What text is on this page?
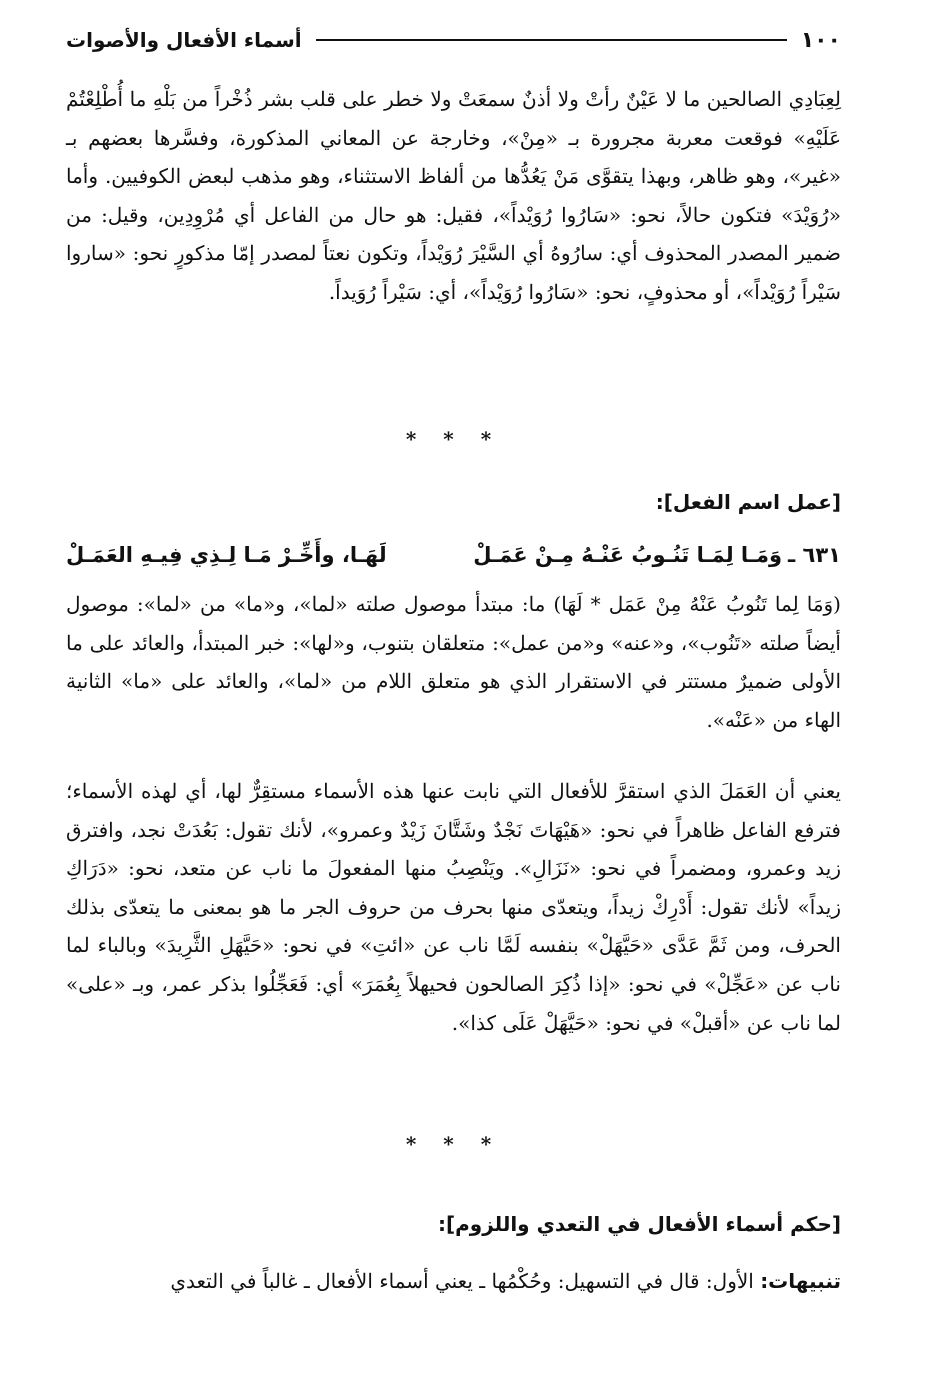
١٠٠
أسماء الأفعال والأصوات

لِعِبَادِي الصالحين ما لا عَيْنٌ رأتْ ولا أذنٌ سمعَتْ ولا خطر على قلب بشر ذُخْراً من بَلْهِ ما أُطْلِعْتُمْ عَلَيْهِ» فوقعت معربة مجرورة بـ «مِنْ»، وخارجة عن المعاني المذكورة، وفسَّرها بعضهم بـ «غير»، وهو ظاهر، وبهذا يتقوَّى مَنْ يَعُدُّها من ألفاظ الاستثناء، وهو مذهب لبعض الكوفيين. وأما «رُوَيْدَ» فتكون حالاً، نحو: «سَارُوا رُوَيْداً»، فقيل: هو حال من الفاعل أي مُرْوِدِين، وقيل: من ضمير المصدر المحذوف أي: سارُوهُ أي السَّيْرَ رُوَيْداً، وتكون نعتاً لمصدر إمّا مذكورٍ نحو: «ساروا سَيْراً رُوَيْداً»، أو محذوفٍ، نحو: «سَارُوا رُوَيْداً»، أي: سَيْراً رُوَيداً.

* * *
[عمل اسم الفعل]:
٦٣١ ـ
وَمَـا لِمَـا تَنُـوبُ عَنْـهُ مِـنْ عَمَـلْ
لَهَـا، وأَخِّـرْ مَـا لِـذِي فِيـهِ العَمَـلْ

(وَمَا لِما تَنُوبُ عَنْهُ مِنْ عَمَل * لَهَا) ما: مبتدأ موصول صلته «لما»، و«ما» من «لما»: موصول أيضاً صلته «تَنُوب»، و«عنه» و«من عمل»: متعلقان بتنوب، و«لها»: خبر المبتدأ، والعائد على ما الأولى ضميرٌ مستتر في الاستقرار الذي هو متعلق اللام من «لما»، والعائد على «ما» الثانية الهاء من «عَنْه».

يعني أن العَمَلَ الذي استقرَّ للأفعال التي نابت عنها هذه الأسماء مستقِرٌّ لها، أي لهذه الأسماء؛ فترفع الفاعل ظاهراً في نحو: «هَيْهَاتَ نَجْدٌ وشَتَّانَ زَيْدٌ وعمرو»، لأنك تقول: بَعُدَتْ نجد، وافترق زيد وعمرو، ومضمراً في نحو: «نَزَالِ». ويَنْصِبُ منها المفعولَ ما ناب عن متعد، نحو: «دَرَاكِ زيداً» لأنك تقول: أَدْرِكْ زيداً، ويتعدّى منها بحرف من حروف الجر ما هو بمعنى ما يتعدّى بذلك الحرف، ومن ثَمَّ عَدَّى «حَيَّهَلْ» بنفسه لَمَّا ناب عن «ائتِ» في نحو: «حَيَّهَلِ الثَّرِيدَ» وبالباء لما ناب عن «عَجِّلْ» في نحو: «إذا ذُكِرَ الصالحون فحيهلاً بِعُمَرَ» أي: فَعَجِّلُوا بذكر عمر، وبـ «على» لما ناب عن «أقبلْ» في نحو: «حَيَّهَلْ عَلَى كذا».

* * *
[حكم أسماء الأفعال في التعدي واللزوم]:

تنبيهات: الأول: قال في التسهيل: وحُكْمُها ـ يعني أسماء الأفعال ـ غالباً في التعدي
